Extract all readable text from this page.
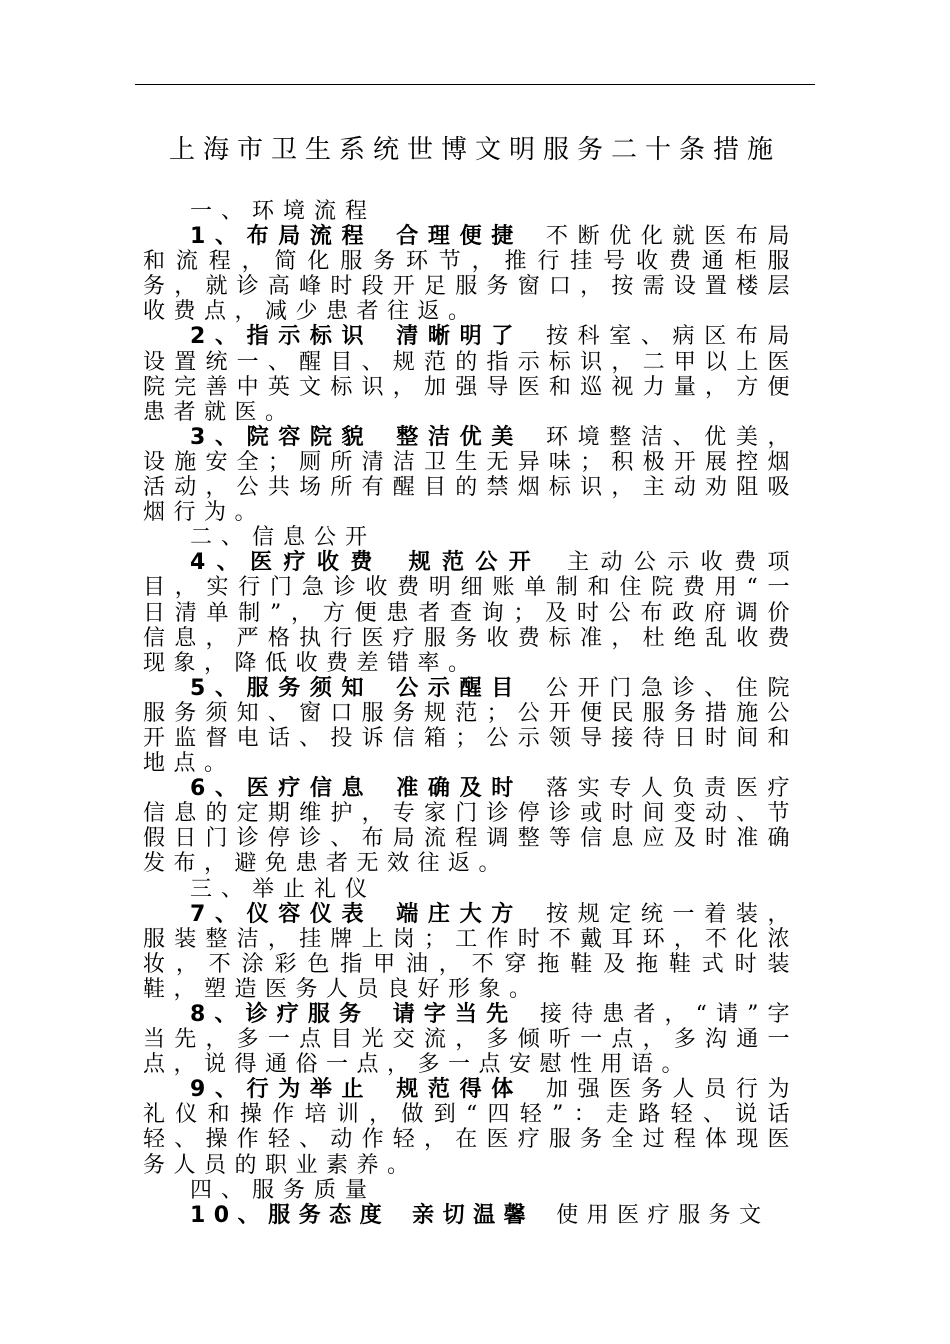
上海市卫生系统世博文明服务二十条措施

一、环境流程

1、布局流程 合理便捷 不断优化就医布局和流程，简化服务环节，推行挂号收费通柜服务，就诊高峰时段开足服务窗口，按需设置楼层收费点，减少患者往返。

2、指示标识 清晰明了 按科室、病区布局设置统一、醒目、规范的指示标识，二甲以上医院完善中英文标识，加强导医和巡视力量，方便患者就医。

3、院容院貌 整洁优美 环境整洁、优美，设施安全；厕所清洁卫生无异味；积极开展控烟活动，公共场所有醒目的禁烟标识，主动劝阻吸烟行为。

二、信息公开

4、医疗收费 规范公开 主动公示收费项目，实行门急诊收费明细账单制和住院费用“一日清单制”，方便患者查询；及时公布政府调价信息，严格执行医疗服务收费标准，杜绝乱收费现象，降低收费差错率。

5、服务须知 公示醒目 公开门急诊、住院服务须知、窗口服务规范；公开便民服务措施公开监督电话、投诉信箱；公示领导接待日时间和地点。

6、医疗信息 准确及时 落实专人负责医疗信息的定期维护，专家门诊停诊或时间变动、节假日门诊停诊、布局流程调整等信息应及时准确发布，避免患者无效往返。

三、举止礼仪

7、仪容仪表 端庄大方 按规定统一着装，服装整洁，挂牌上岗；工作时不戴耳环，不化浓妆，不涂彩色指甲油，不穿拖鞋及拖鞋式时装鞋，塑造医务人员良好形象。

8、诊疗服务 请字当先 接待患者，“请”字当先，多一点目光交流，多倾听一点，多沟通一点，说得通俗一点，多一点安慰性用语。

9、行为举止 规范得体 加强医务人员行为礼仪和操作培训，做到“四轻”：走路轻、说话轻、操作轻、动作轻，在医疗服务全过程体现医务人员的职业素养。

四、服务质量

10、服务态度 亲切温馨 使用医疗服务文
